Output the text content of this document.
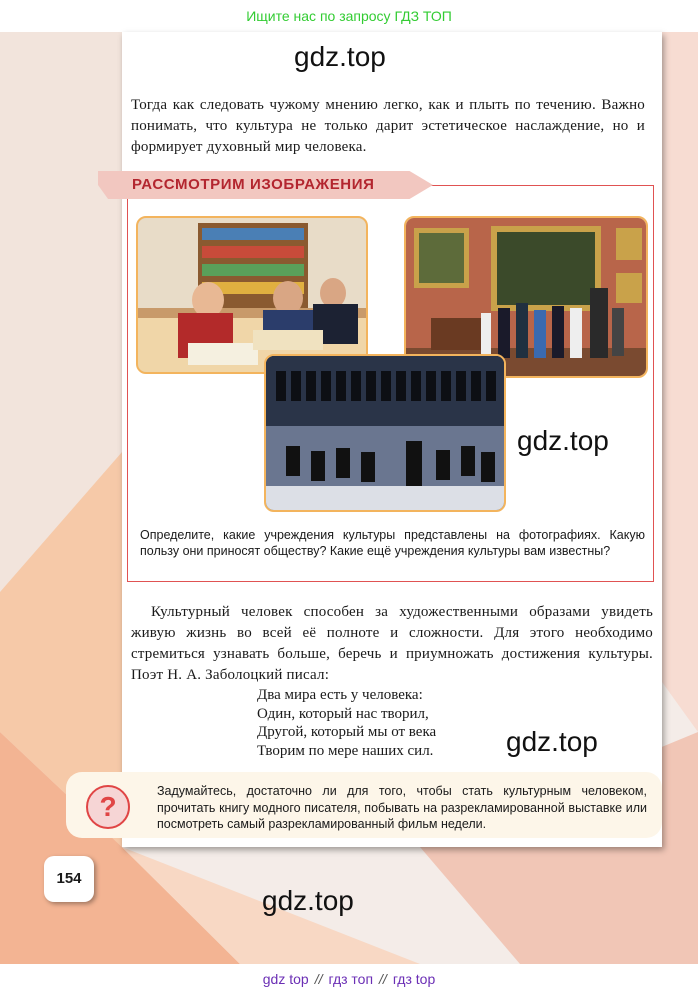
Ищите нас по запросу ГДЗ ТОП
gdz.top

Тогда как следовать чужому мнению легко, как и плыть по течению. Важно понимать, что культура не только дарит эстетическое наслаждение, но и формирует духовный мир человека.

РАССМОТРИМ ИЗОБРАЖЕНИЯ
gdz.top
Определите, какие учреждения культуры представлены на фотографиях. Какую пользу они приносят обществу? Какие ещё учреждения культуры вам известны?

Культурный человек способен за художественными образами увидеть живую жизнь во всей её полноте и сложности. Для этого необходимо стремиться узнавать больше, беречь и приумножать достижения культуры. Поэт Н. А. Заболоцкий писал:

Два мира есть у человека:
Один, который нас творил,
Другой, который мы от века
Творим по мере наших сил.	gdz.top
?	Задумайтесь, достаточно ли для того, чтобы стать культурным человеком, прочитать книгу модного писателя, побывать на разрекламированной выставке или посмотреть самый разрекламированный фильм недели.
154
gdz.top
gdz top // гдз топ // гдз top
